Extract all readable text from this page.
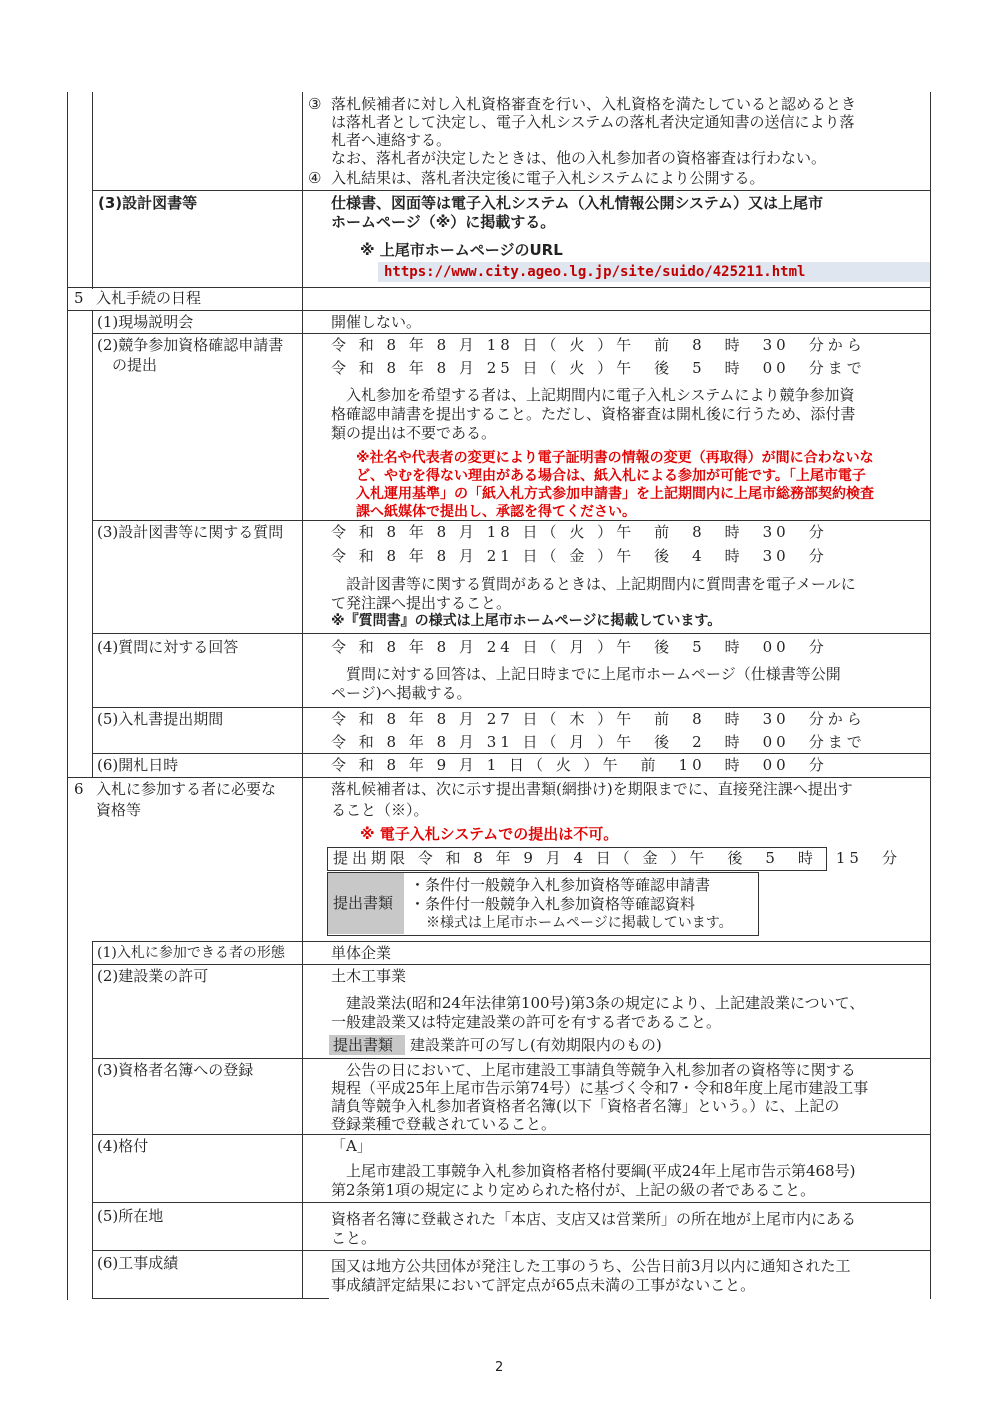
③ 落札候補者に対し入札資格審査を行い、入札資格を満たしていると認めるとき
は落札者として決定し、電子入札システムの落札者決定通知書の送信により落
札者へ連絡する。
なお、落札者が決定したときは、他の入札参加者の資格審査は行わない。
④ 入札結果は、落札者決定後に電子入札システムにより公開する。
(3)設計図書等	仕様書、図面等は電子入札システム（入札情報公開システム）又は上尾市
ホームページ（※）に掲載する。
※ 上尾市ホームページのURL
https://www.city.ageo.lg.jp/site/suido/425211.html
5 入札手続の日程
(1)現場説明会	開催しない。
(2)競争参加資格確認申請書
の提出
令 和 8 年 8 月 18 日（ 火 ）午　前　8　時　30　分から
令 和 8 年 8 月 25 日（ 火 ）午　後　5　時　00　分まで
入札参加を希望する者は、上記期間内に電子入札システムにより競争参加資
格確認申請書を提出すること。ただし、資格審査は開札後に行うため、添付書
類の提出は不要である。
※社名や代表者の変更により電子証明書の情報の変更（再取得）が間に合わないな
ど、やむを得ない理由がある場合は、紙入札による参加が可能です。「上尾市電子
入札運用基準」の「紙入札方式参加申請書」を上記期間内に上尾市総務部契約検査
課へ紙媒体で提出し、承認を得てください。
(3)設計図書等に関する質問	令 和 8 年 8 月 18 日（ 火 ）午　前　8　時　30　分
令 和 8 年 8 月 21 日（ 金 ）午　後　4　時　30　分
設計図書等に関する質問があるときは、上記期間内に質問書を電子メールに
て発注課へ提出すること。
※『質問書』の様式は上尾市ホームページに掲載しています。
(4)質問に対する回答	令 和 8 年 8 月 24 日（ 月 ）午　後　5　時　00　分
質問に対する回答は、上記日時までに上尾市ホームページ（仕様書等公開
ページ)へ掲載する。
(5)入札書提出期間	令 和 8 年 8 月 27 日（ 木 ）午　前　8　時　30　分から
令 和 8 年 8 月 31 日（ 月 ）午　後　2　時　00　分まで
(6)開札日時	令 和 8 年 9 月 1 日（ 火 ）午　前　10　時　00　分
6 入札に参加する者に必要な
資格等
落札候補者は、次に示す提出書類(網掛け)を期限までに、直接発注課へ提出す
ること（※）。
※ 電子入札システムでの提出は不可。
提出期限 令 和 8 年 9 月 4 日（ 金 ）午　後　5　時　15　分
提出書類
・条件付一般競争入札参加資格等確認申請書
・条件付一般競争入札参加資格等確認資料
※様式は上尾市ホームページに掲載しています。
(1)入札に参加できる者の形態	単体企業
(2)建設業の許可	土木工事業
建設業法(昭和24年法律第100号)第3条の規定により、上記建設業について、
一般建設業又は特定建設業の許可を有する者であること。
提出書類 建設業許可の写し(有効期限内のもの)
(3)資格者名簿への登録	公告の日において、上尾市建設工事請負等競争入札参加者の資格等に関する
規程（平成25年上尾市告示第74号）に基づく令和7・令和8年度上尾市建設工事
請負等競争入札参加者資格者名簿(以下「資格者名簿」という。）に、上記の
登録業種で登載されていること。
(4)格付	「A」
上尾市建設工事競争入札参加資格者格付要綱(平成24年上尾市告示第468号)
第2条第1項の規定により定められた格付が、上記の級の者であること。
(5)所在地	資格者名簿に登載された「本店、支店又は営業所」の所在地が上尾市内にある
こと。
(6)工事成績	国又は地方公共団体が発注した工事のうち、公告日前3月以内に通知された工
事成績評定結果において評定点が65点未満の工事がないこと。
2
